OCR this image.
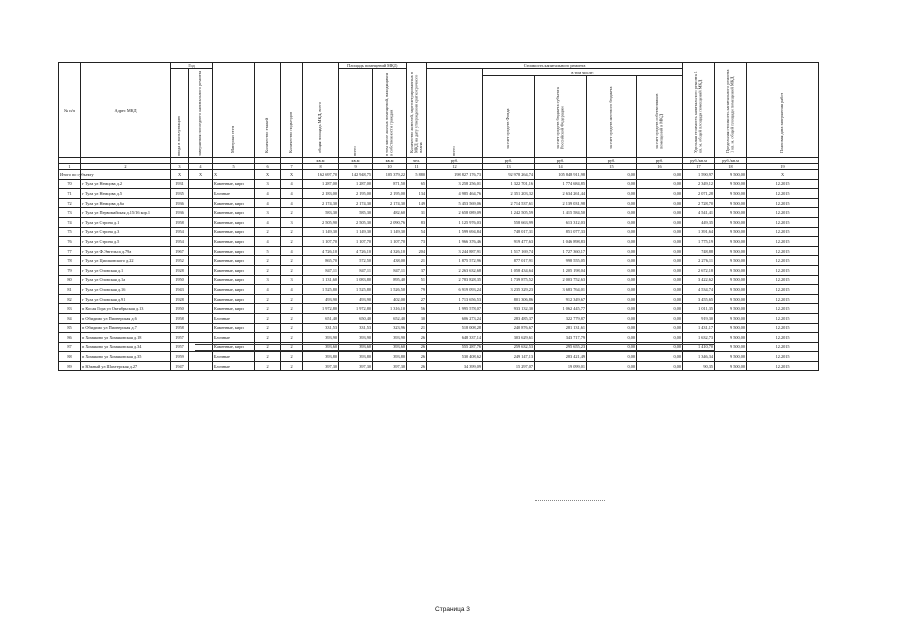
№ п/п	Адрес МКД	Год		Материал стен	Количество этажей	Количество подъездов	общая площадь МКД, всего	Площадь помещений МКД:		Количество жителей, зарегистрированных в МКД на дату утверждения краткосрочного плана	Стоимость капитального ремонта					Удельная стоимость капитального ремонта 1 кв. м. общей площади помещений МКД	Предельная стоимость капитального ремонта 1 кв. м. общей площади помещений МКД	Плановая дата завершения работ

		ввода в эксплуатацию	завершения последнего капитального ремонта					всего	в том числе жилых помещений, находящихся в собственности граждан		всего	в том числе:						

												за счет средств Фонда	за счет средств бюджета субъекта Российской Федерации	за счет средств местного бюджета	за счет средств собственников помещений в МКД			

							кв.м	кв.м	кв.м	чел.	руб.	руб.	руб.	руб.	руб.	руб./кв.м	руб./кв.м	
1	2	3	4	5	6	7	8	9	10	11	12	13	14	15	16	17	18	19
Итого по субъекту		X	X	X	X	X	162 697,70	142 948,75	105 379,22	5 880	198 827 176,73	92 978 264,74	105 848 911,98	0,00	0,00	1 590,97	9 500,00	X
70	г Тула ул Немцова д.2	1931		Каменные, кирп	3	4	1 287,00	1 287,00	871,50	65	3 258 256,01	1 322 701,16	1 774 684,85	0,00	0,00	2 349,12	9 500,00	12.2015
71	г Тула ул Немцова д.5	1935		Блочные	4	4	2 183,00	2 195,00	2 195,00	134	4 985 464,76	2 351 203,32	2 634 261,44	0,00	0,00	2 071,28	9 500,00	12.2015
72	г Тула ул Немцова д.6а	1936		Каменные, кирп	4	4	2 174,30	2 174,30	2 174,30	149	5 453 569,06	2 714 537,61	2 139 031,98	0,00	0,00	2 728,70	9 500,00	12.2015
73	г Тула ул Первомайская д.15/16 кор.1	1936		Каменные, кирп	3	2	583,30	585,30	482,60	31	2 658 089,09	1 242 505,59	1 415 584,50	0,00	0,00	4 541,41	9 500,00	12.2015
74	г Тула ул Строна д.1	1958		Каменные, кирп	4	3	2 505,90	2 505,30	2 090,76	83	1 125 976,03	558 663,99	613 312,03	0,00	0,00	449,35	9 500,00	12.2015
75	г Тула ул Строна д.3	1954		Каменные, кирп	2	2	1 149,30	1 149,30	1 149,30	54	1 599 694,84	748 017,31	851 077,33	0,00	0,00	1 391,64	9 500,00	12.2015
76	г Тула ул Строна д.5	1954		Каменные, кирп	4	2	1 107,70	1 107,70	1 107,70	73	1 966 376,46	919 477,63	1 046 898,83	0,00	0,00	1 775,19	9 500,00	12.2015
77	г Тула ул Ф.Энгельса д.79а	1967		Каменные, кирп	5	4	4 726,10	4 726,10	4 326,10	204	3 244 887,91	1 517 169,74	1 727 360,17	0,00	0,00	748,88	9 500,00	12.2015
78	г Тула ул Циолковского д.22	1952		Каменные, кирп	2	2	865,70	572,50	438,00	21	1 875 572,96	877 017,91	998 555,05	0,00	0,00	2 276,11	9 500,00	12.2015
79	г Тула ул Оловская д.1	1928		Каменные, кирп	2	2	847,11	847,11	847,11	37	2 263 632,68	1 058 434,64	1 205 198,04	0,00	0,00	2 672,18	9 500,00	12.2015
80	г Тула ул Оловская д.1а	1950		Каменные, кирп	3	3	1 131,60	1 083,80	895,40	51	2 783 828,35	1 739 875,52	2 003 752,63	0,00	0,00	3 422,62	9 500,00	12.2015
81	г Тула ул Оловская д.16	1943		Каменные, кирп	4	4	1 525,80	1 525,80	1 526,50	79	6 919 093,24	3 235 329,23	3 683 764,01	0,00	0,00	4 534,74	9 500,00	12.2015
82	г Тула ул Оловская д.91	1928		Каменные, кирп	2	2	493,90	493,90	402,00	27	1 713 656,53	801 306,86	912 349,67	0,00	0,00	3 455,65	9 500,00	12.2015
83	п Косая Гора ул Октябрьская д.13	1950		Каменные, кирп	2	2	1 972,80	1 972,80	1 316,10	56	1 995 578,07	933 132,30	1 062 445,77	0,00	0,00	1 011,35	9 500,00	12.2015
84	п Обидимо ул Пионерская д.6	1958		Блочные	2	2	651,40	650,40	652,40	30	606 273,24	283 485,37	322 779,87	0,00	0,00	919,30	9 500,00	12.2015
85	п Обидимо ул Пионерская д.7	1958		Каменные, кирп	2	2	331,53	331,53	323,96	21	518 008,28	240 876,67	281 131,61	0,00	0,00	1 431,17	9 500,00	12.2015
86	п Хомяково ул Хомяковская д.18	1957		Блочные	2	2	393,90	393,90	393,90	26	648 337,14	303 629,61	343 717,79	0,00	0,00	1 632,73	9 500,00	12.2015
87	п Хомяково ул Хомяковская д.34	1957		Каменные, кирп	2	2	393,60	393,60	393,60	26	555 287,76	259 632,53	295 655,23	0,00	0,00	1 410,70	9 500,00	12.2015
88	п Хомяково ул Хомяковская д.35	1959		Блочные	2	2	393,80	393,80	393,80	26	530 408,62	249 147,13	283 421,49	0,00	0,00	1 346,34	9 500,00	12.2015
89	п Южный ул Шахтерская д.27	1947		Блочные	2	2	397,30	397,30	397,30	26	34 399,09	15 297,07	19 099,01	0,00	0,00	90,35	9 500,00	12.2015
Страница 3
